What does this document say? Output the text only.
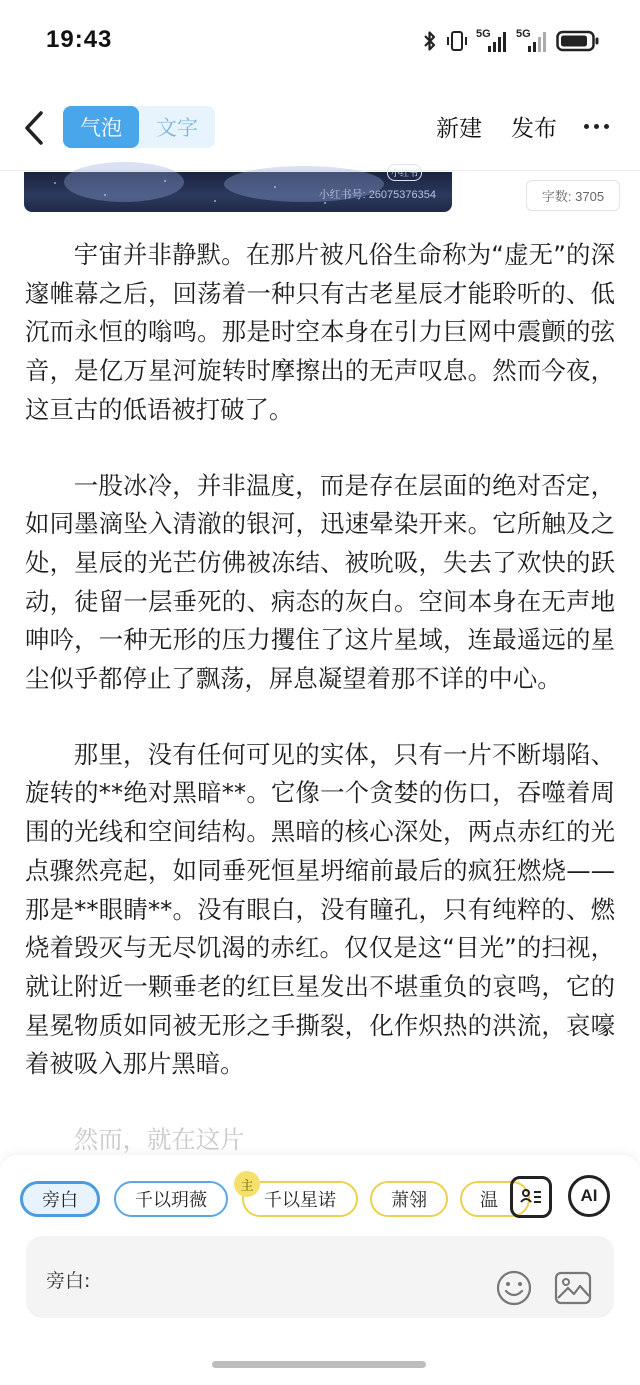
19:43	5G 5G
气泡	文字	新建 发布
小红书
小红书号: 26075376354	字数: 3705

宇宙并非静默。在那片被凡俗生命称为“虚无”的深邃帷幕之后，回荡着一种只有古老星辰才能聆听的、低沉而永恒的嗡鸣。那是时空本身在引力巨网中震颤的弦音，是亿万星河旋转时摩擦出的无声叹息。然而今夜，这亘古的低语被打破了。

一股冰冷，并非温度，而是存在层面的绝对否定，如同墨滴坠入清澈的银河，迅速晕染开来。它所触及之处，星辰的光芒仿佛被冻结、被吮吸，失去了欢快的跃动，徒留一层垂死的、病态的灰白。空间本身在无声地呻吟，一种无形的压力攫住了这片星域，连最遥远的星尘似乎都停止了飘荡，屏息凝望着那不详的中心。

那里，没有任何可见的实体，只有一片不断塌陷、旋转的**绝对黑暗**。它像一个贪婪的伤口，吞噬着周围的光线和空间结构。黑暗的核心深处，两点赤红的光点骤然亮起，如同垂死恒星坍缩前最后的疯狂燃烧——那是**眼睛**。没有眼白，没有瞳孔，只有纯粹的、燃烧着毁灭与无尽饥渴的赤红。仅仅是这“目光”的扫视，就让附近一颗垂老的红巨星发出不堪重负的哀鸣，它的星冕物质如同被无形之手撕裂，化作炽热的洪流，哀嚎着被吸入那片黑暗。

然而，就在这片

旁白	千以玥薇	千以星诺	萧翎	温
主	AI
旁白:
